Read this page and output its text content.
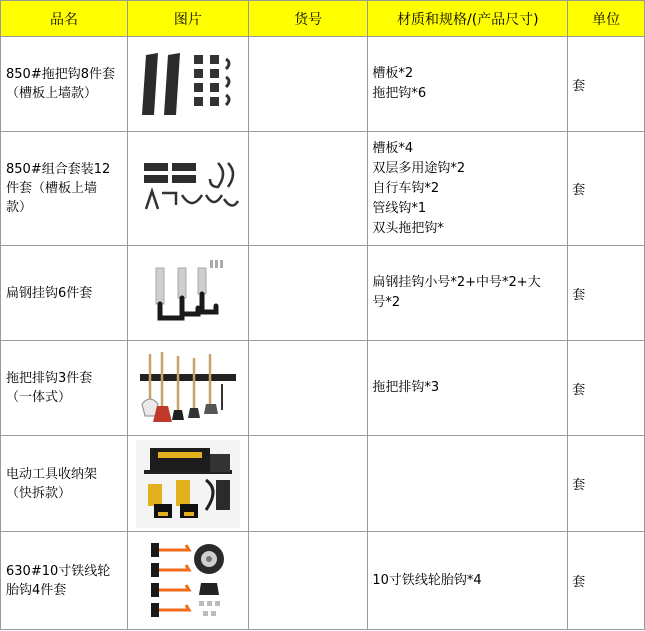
品名	图片	货号	材质和规格/(产品尺寸)	单位

850#拖把钩8件套
（槽板上墙款）			槽板*2
拖把钩*6	套

850#组合套装12
件套（槽板上墙
款）			槽板*4
双层多用途钩*2
自行车钩*2
管线钩*1
双头拖把钩*	套

扁钢挂钩6件套			扁钢挂钩小号*2+中号*2+大
号*2	套

拖把排钩3件套
（一体式）			拖把排钩*3	套

电动工具收纳架
（快拆款）				套

630#10寸铁线轮
胎钩4件套			10寸铁线轮胎钩*4	套
